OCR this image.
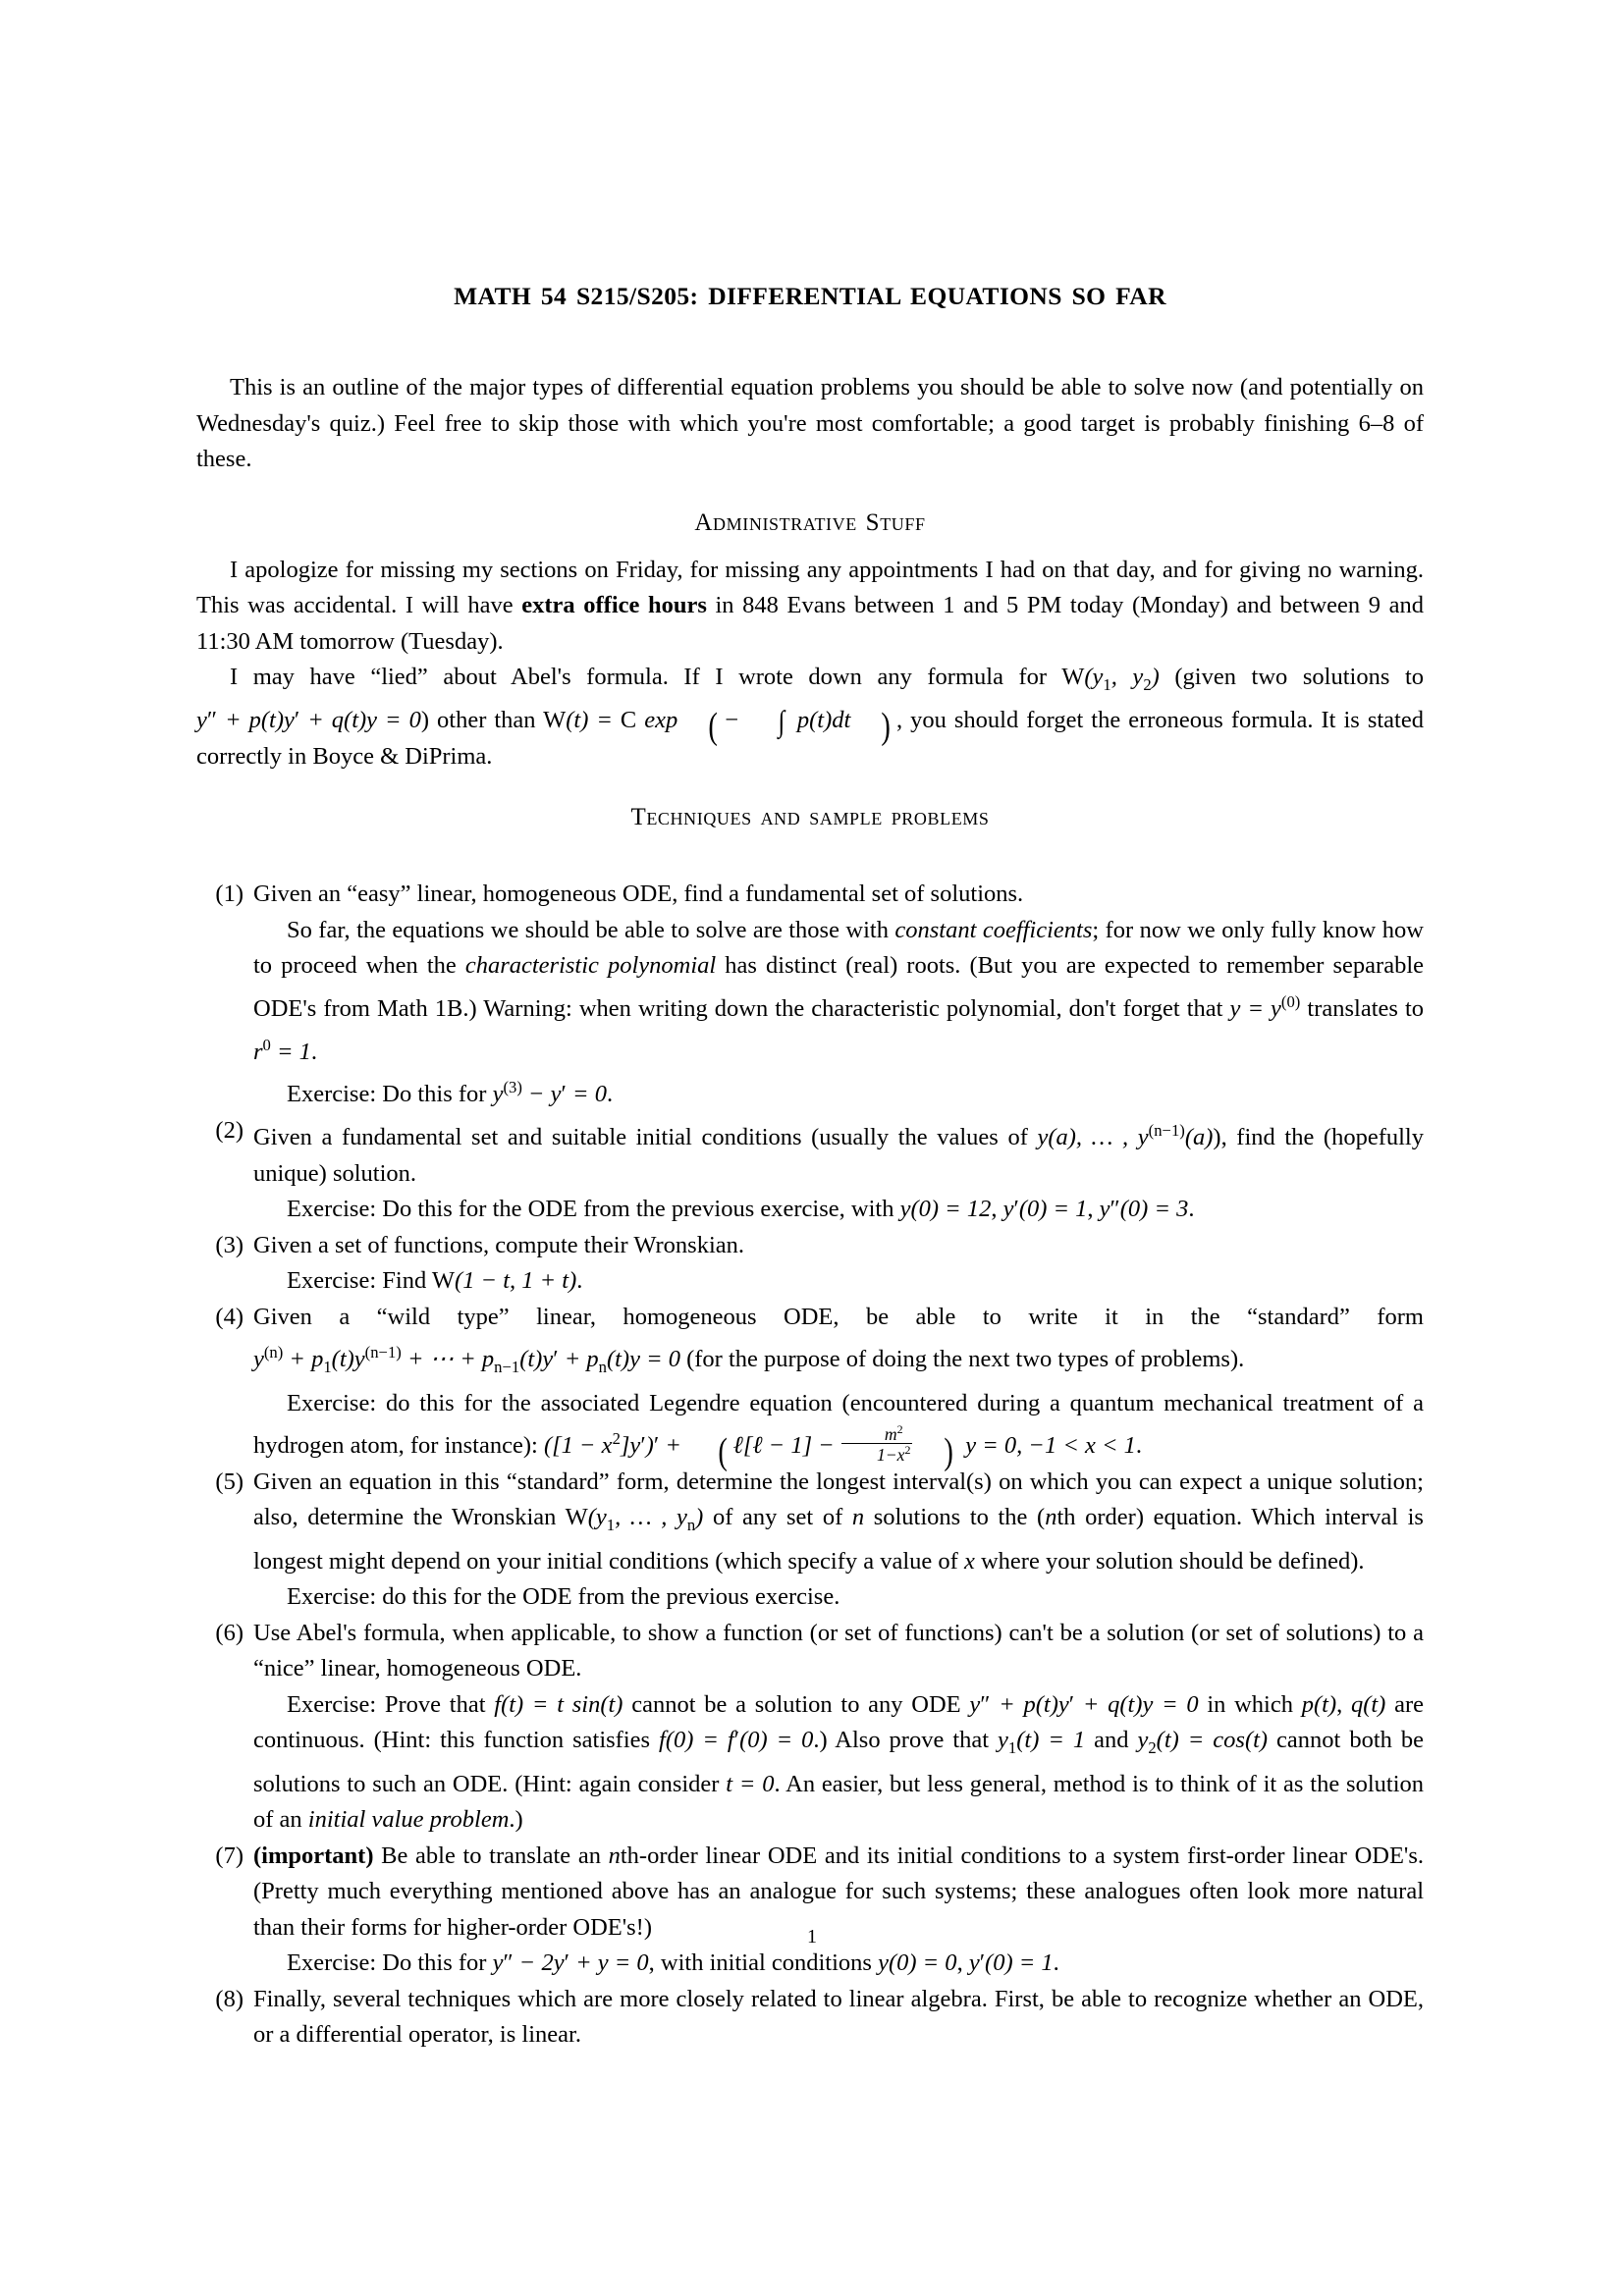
MATH 54 S215/S205: DIFFERENTIAL EQUATIONS SO FAR

This is an outline of the major types of differential equation problems you should be able to solve now (and potentially on Wednesday's quiz.) Feel free to skip those with which you're most comfortable; a good target is probably finishing 6–8 of these.

Administrative Stuff

I apologize for missing my sections on Friday, for missing any appointments I had on that day, and for giving no warning. This was accidental. I will have extra office hours in 848 Evans between 1 and 5 PM today (Monday) and between 9 and 11:30 AM tomorrow (Tuesday).

I may have “lied” about Abel's formula. If I wrote down any formula for $W(y_1$, $y_2$) (given two solutions to y″ + p(t)y′ + q(t)y = 0) other than W(t) = C exp ( − ∫ p(t)dt ) , you should forget the erroneous formula. It is stated correctly in Boyce & DiPrima.

Techniques and sample problems
(1) Given an “easy” linear, homogeneous ODE, find a fundamental set of solutions.
So far, the equations we should be able to solve are those with constant coefficients; for now we only fully know how to proceed when the characteristic polynomial has distinct (real) roots. (But you are expected to remember separable ODE's from Math 1B.) Warning: when writing down the characteristic polynomial, don't forget that $y = y^{(0)}$ translates to $r^0 = 1$.
Exercise: Do this for $y^{(3)} - y' = 0$.
(2) Given a fundamental set and suitable initial conditions (usually the values of y(a), … , $y^{(n-1)}(a)$), find the (hopefully unique) solution.
Exercise: Do this for the ODE from the previous exercise, with y(0) = 12, y′(0) = 1, y″(0) = 3.
(3) Given a set of functions, compute their Wronskian.
Exercise: Find W(1 − t, 1 + t).
(4) Given a “wild type” linear, homogeneous ODE, be able to write it in the “standard” form $y^{(n)} + p_1(t)y^{(n-1)}$ + ⋯ + $p_{n-1}(t)y' + p_n(t)y = 0$ (for the purpose of doing the next two types of problems).
Exercise: do this for the associated Legendre equation (encountered during a quantum mechanical treatment of a hydrogen atom, for instance): $([1 - x^2]y')'$ + ( ℓ[ℓ − $1] - \frac{m^2}{1-x^2}$ ) y = 0, −1 < x < 1.
(5) Given an equation in this “standard” form, determine the longest interval(s) on which you can expect a unique solution; also, determine the Wronskian $W(y_1$, … , $y_n$) of any set of n solutions to the (nth order) equation. Which interval is longest might depend on your initial conditions (which specify a value of x where your solution should be defined).
Exercise: do this for the ODE from the previous exercise.
(6) Use Abel's formula, when applicable, to show a function (or set of functions) can't be a solution (or set of solutions) to a “nice” linear, homogeneous ODE.
Exercise: Prove that f(t) = t sin(t) cannot be a solution to any ODE y″ + p(t)y′ + q(t)y = 0 in which p(t), q(t) are continuous. (Hint: this function satisfies f(0) = f′(0) = 0.) Also prove that $y_1(t) = 1$ and $y_2(t) = \cos(t)$ cannot both be solutions to such an ODE. (Hint: again consider t = 0. An easier, but less general, method is to think of it as the solution of an initial value problem.)
(7) (important) Be able to translate an nth-order linear ODE and its initial conditions to a system first-order linear ODE's. (Pretty much everything mentioned above has an analogue for such systems; these analogues often look more natural than their forms for higher-order ODE's!)
Exercise: Do this for y″ − 2y′ + y = 0, with initial conditions y(0) = 0, y′(0) = 1.
(8) Finally, several techniques which are more closely related to linear algebra. First, be able to recognize whether an ODE, or a differential operator, is linear.
1
